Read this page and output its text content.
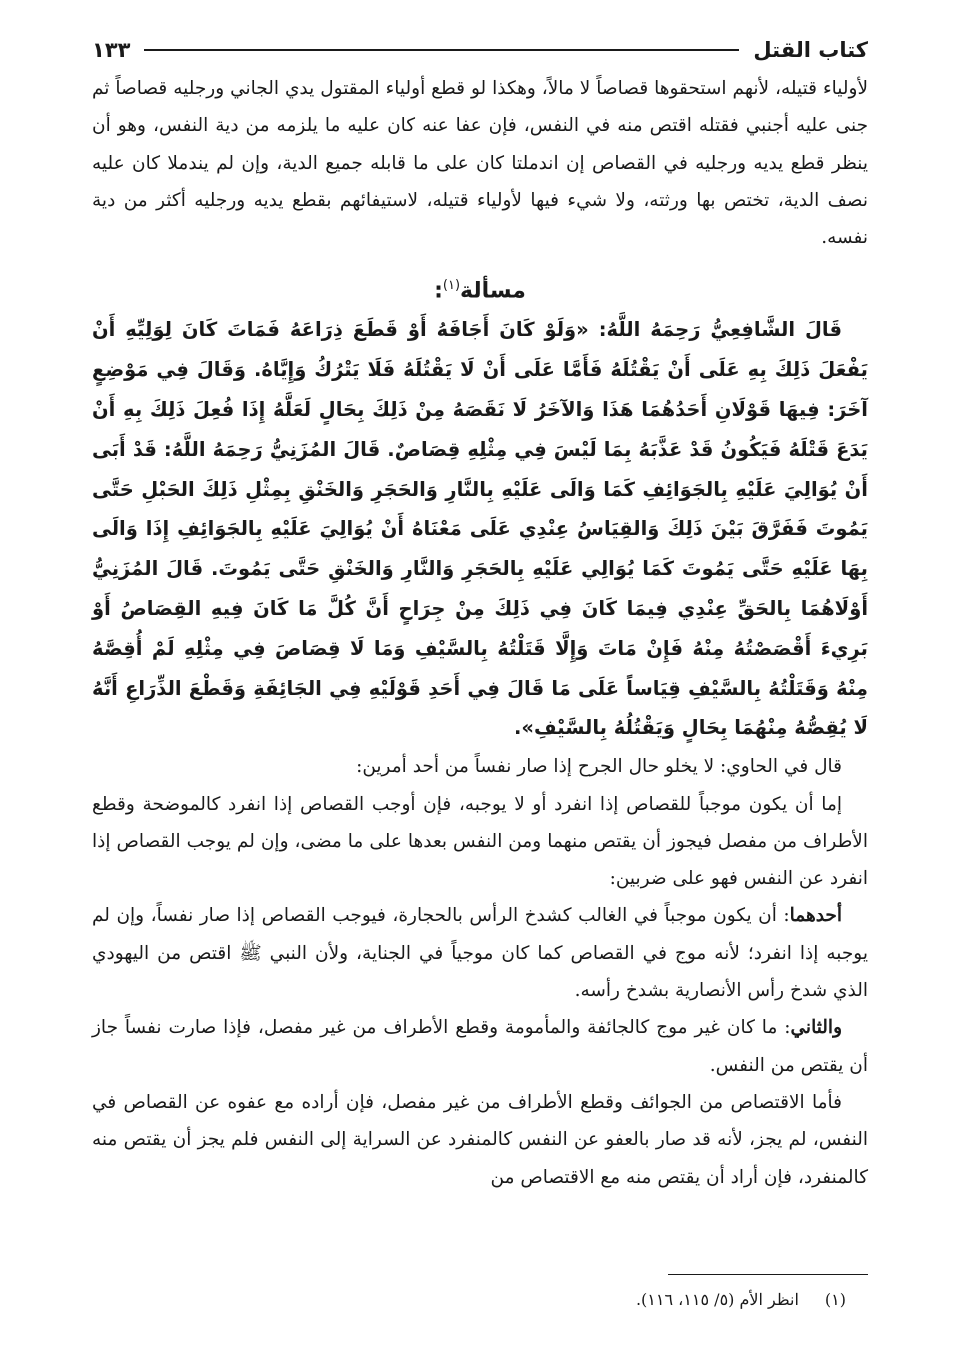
كتاب القتل
١٣٣

لأولياء قتيله، لأنهم استحقوها قصاصاً لا مالاً، وهكذا لو قطع أولياء المقتول يدي الجاني ورجليه قصاصاً ثم جنى عليه أجنبي فقتله اقتص منه في النفس، فإن عفا عنه كان عليه ما يلزمه من دية النفس، وهو أن ينظر قطع يديه ورجليه في القصاص إن اندملتا كان على ما قابله جميع الدية، وإن لم يندملا كان عليه نصف الدية، تختص بها ورثته، ولا شيء فيها لأولياء قتيله، لاستيفائهم بقطع يديه ورجليه أكثر من دية نفسه.

مسألة$^{(١)}$:

قَالَ الشَّافِعِيُّ رَحِمَهُ اللَّهُ: «وَلَوْ كَانَ أَجَافَهُ أَوْ قَطَعَ ذِرَاعَهُ فَمَاتَ كَانَ لِوَلِيِّهِ أَنْ يَفْعَلَ ذَلِكَ بِهِ عَلَى أَنْ يَقْتُلَهُ فَأَمَّا عَلَى أَنْ لَا يَقْتُلَهُ فَلَا يَتْرُكُ وَإِيَّاهُ. وَقَالَ فِي مَوْضِعٍ آخَرَ: فِيهَا قَوْلَانِ أَحَدُهُمَا هَذَا وَالآخَرُ لَا نَقَصَهُ مِنْ ذَلِكَ بِحَالٍ لَعَلَّهُ إِذَا فُعِلَ ذَلِكَ بِهِ أَنْ يَدَعَ قَتْلَهُ فَيَكُونُ قَدْ عَذَّبَهُ بِمَا لَيْسَ فِي مِثْلِهِ قِصَاصٌ. قَالَ المُزَنِيُّ رَحِمَهُ اللَّهُ: قَدْ أَبَى أَنْ يُوَالِيَ عَلَيْهِ بِالجَوَائِفِ كَمَا وَالَى عَلَيْهِ بِالنَّارِ وَالحَجَرِ وَالخَنْقِ بِمِثْلِ ذَلِكَ الحَبْلِ حَتَّى يَمُوتَ فَفَرَّقَ بَيْنَ ذَلِكَ وَالقِيَاسُ عِنْدِي عَلَى مَعْنَاهُ أَنْ يُوَالِيَ عَلَيْهِ بِالجَوَائِفِ إِذَا وَالَى بِهَا عَلَيْهِ حَتَّى يَمُوتَ كَمَا يُوَالِي عَلَيْهِ بِالحَجَرِ وَالنَّارِ وَالخَنْقِ حَتَّى يَمُوتَ. قَالَ المُزَنِيُّ أَوْلَاهُمَا بِالحَقِّ عِنْدِي فِيمَا كَانَ فِي ذَلِكَ مِنْ جِرَاحٍ أَنَّ كُلَّ مَا كَانَ فِيهِ القِصَاصُ أَوْ بَرِيءَ أَقْصَصْتُهُ مِنْهُ فَإِنْ مَاتَ وَإِلَّا قَتَلْتُهُ بِالسَّيْفِ وَمَا لَا قِصَاصَ فِي مِثْلِهِ لَمْ أُقِصَّهُ مِنْهُ وَقَتَلْتُهُ بِالسَّيْفِ قِيَاساً عَلَى مَا قَالَ فِي أَحَدِ قَوْلَيْهِ فِي الجَائِفَةِ وَقَطْعَ الذِّرَاعِ أَنَّهُ لَا يُقِصُّهُ مِنْهُمَا بِحَالٍ وَيَقْتُلُهُ بِالسَّيْفِ».

قال في الحاوي: لا يخلو حال الجرح إذا صار نفساً من أحد أمرين:

إما أن يكون موجباً للقصاص إذا انفرد أو لا يوجبه، فإن أوجب القصاص إذا انفرد كالموضحة وقطع الأطراف من مفصل فيجوز أن يقتص منهما ومن النفس بعدها على ما مضى، وإن لم يوجب القصاص إذا انفرد عن النفس فهو على ضربين:

أحدهما: أن يكون موجباً في الغالب كشدخ الرأس بالحجارة، فيوجب القصاص إذا صار نفساً، وإن لم يوجبه إذا انفرد؛ لأنه موج في القصاص كما كان موجياً في الجناية، ولأن النبي ﷺ اقتص من اليهودي الذي شدخ رأس الأنصارية بشدخ رأسه.

والثاني: ما كان غير موج كالجائفة والمأمومة وقطع الأطراف من غير مفصل، فإذا صارت نفساً جاز أن يقتص من النفس.

فأما الاقتصاص من الجوائف وقطع الأطراف من غير مفصل، فإن أراده مع عفوه عن القصاص في النفس، لم يجز، لأنه قد صار بالعفو عن النفس كالمنفرد عن السراية إلى النفس فلم يجز أن يقتص منه كالمنفرد، فإن أراد أن يقتص منه مع الاقتصاص من

(١)انظر الأم (٥/ ١١٥، ١١٦).
